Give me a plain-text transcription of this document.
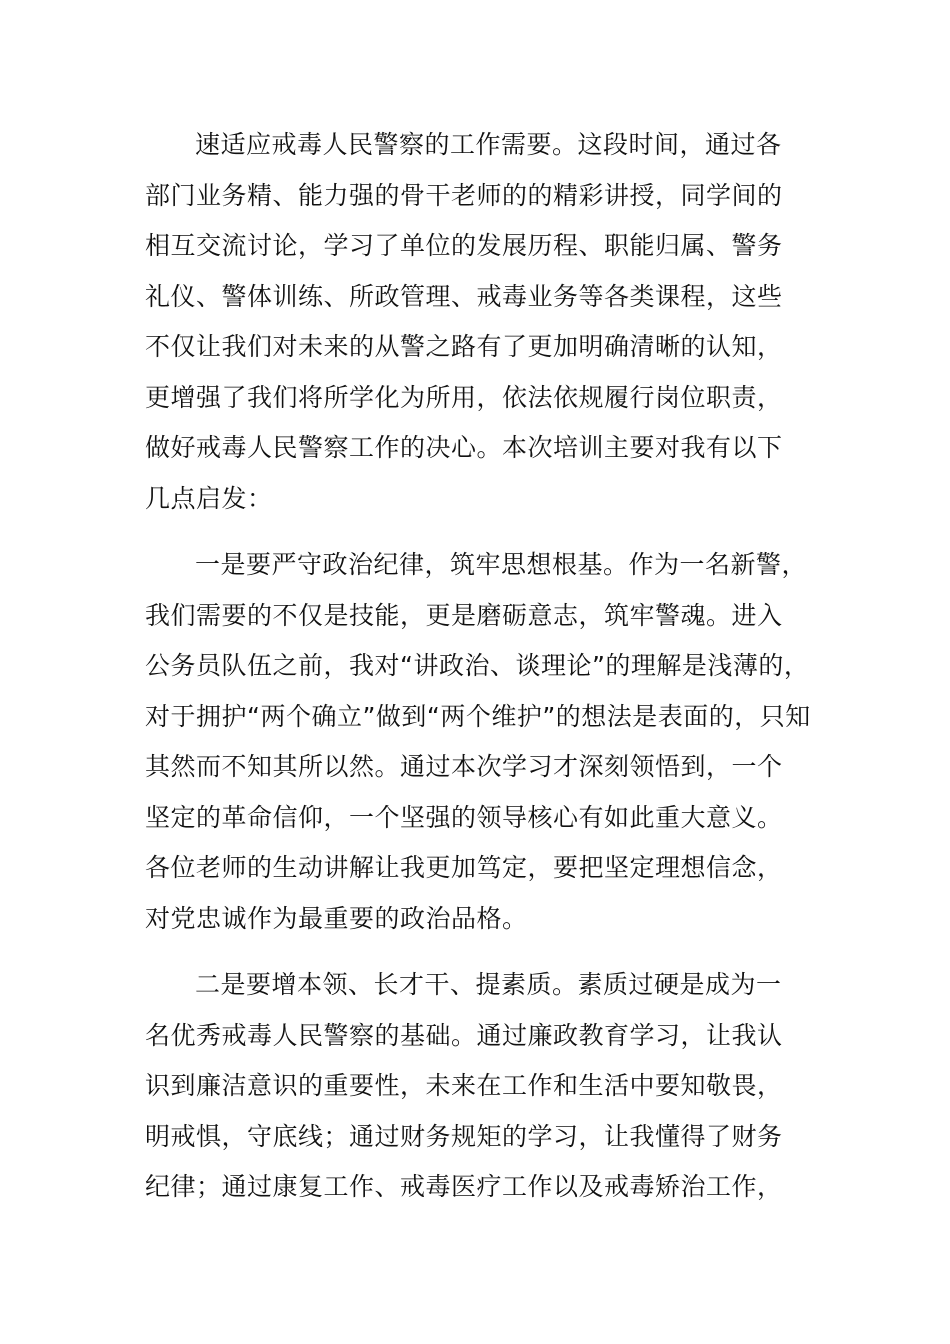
速适应戒毒人民警察的工作需要。这段时间，通过各
部门业务精、能力强的骨干老师的的精彩讲授，同学间的
相互交流讨论，学习了单位的发展历程、职能归属、警务
礼仪、警体训练、所政管理、戒毒业务等各类课程，这些
不仅让我们对未来的从警之路有了更加明确清晰的认知，
更增强了我们将所学化为所用，依法依规履行岗位职责，
做好戒毒人民警察工作的决心。本次培训主要对我有以下
几点启发：
一是要严守政治纪律，筑牢思想根基。作为一名新警，
我们需要的不仅是技能，更是磨砺意志，筑牢警魂。进入
公务员队伍之前，我对“讲政治、谈理论”的理解是浅薄的，
对于拥护“两个确立”做到“两个维护”的想法是表面的，只知
其然而不知其所以然。通过本次学习才深刻领悟到，一个
坚定的革命信仰，一个坚强的领导核心有如此重大意义。
各位老师的生动讲解让我更加笃定，要把坚定理想信念，
对党忠诚作为最重要的政治品格。
二是要增本领、长才干、提素质。素质过硬是成为一
名优秀戒毒人民警察的基础。通过廉政教育学习，让我认
识到廉洁意识的重要性，未来在工作和生活中要知敬畏，
明戒惧，守底线；通过财务规矩的学习，让我懂得了财务
纪律；通过康复工作、戒毒医疗工作以及戒毒矫治工作，
